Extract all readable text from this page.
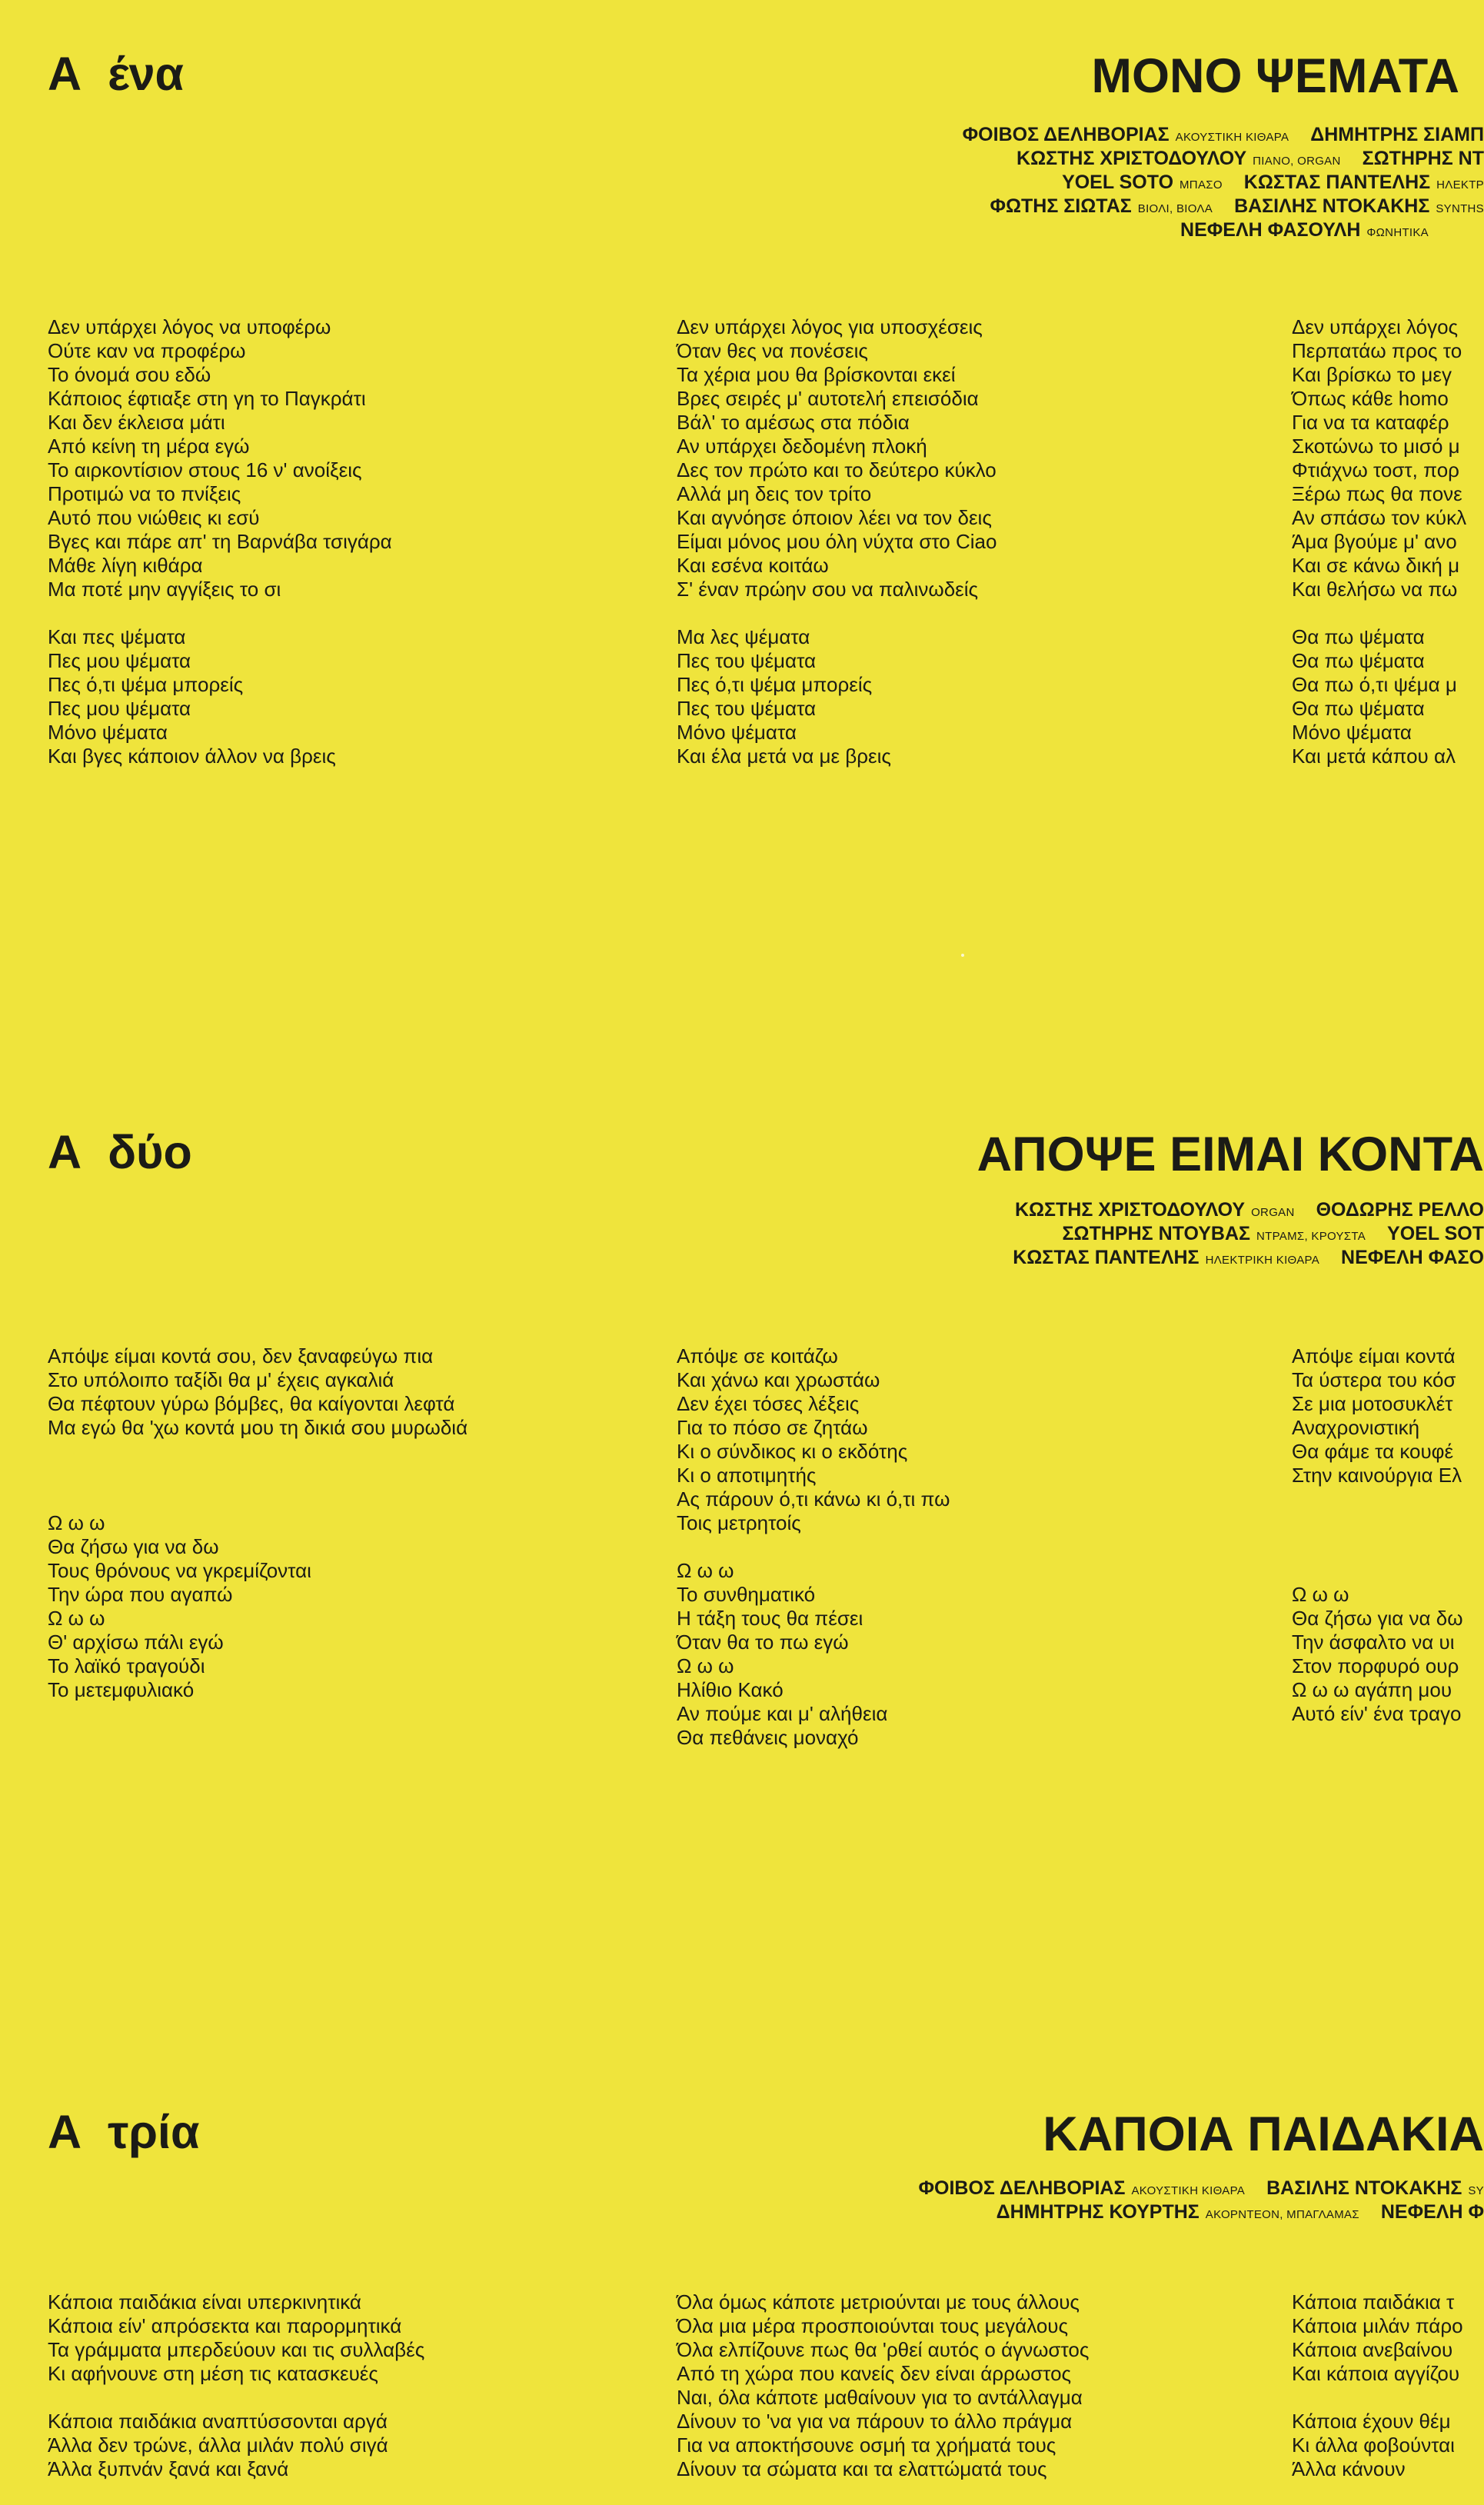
Α ένα	ΜΟΝΟ ΨΕΜΑΤΑ
ΦΟΙΒΟΣ ΔΕΛΗΒΟΡΙΑΣ ΑΚΟΥΣΤΙΚΗ ΚΙΘΑΡΑ ΔΗΜΗΤΡΗΣ ΣΙΑΜΠ
ΚΩΣΤΗΣ ΧΡΙΣΤΟΔΟΥΛΟΥ ΠΙΑΝΟ, ORGAN ΣΩΤΗΡΗΣ ΝΤ
YOEL SOTO ΜΠΑΣΟ ΚΩΣΤΑΣ ΠΑΝΤΕΛΗΣ ΗΛΕΚΤΡ
ΦΩΤΗΣ ΣΙΩΤΑΣ ΒΙΟΛΙ, ΒΙΟΛΑ ΒΑΣΙΛΗΣ ΝΤΟΚΑΚΗΣ SYNTHS
ΝΕΦΕΛΗ ΦΑΣΟΥΛΗ ΦΩΝΗΤΙΚΑ
Δεν υπάρχει λόγος να υποφέρω
Ούτε καν να προφέρω
Το όνομά σου εδώ
Κάποιος έφτιαξε στη γη το Παγκράτι
Και δεν έκλεισα μάτι
Από κείνη τη μέρα εγώ
Το αιρκοντίσιον στους 16 ν' ανοίξεις
Προτιμώ να το πνίξεις
Αυτό που νιώθεις κι εσύ
Βγες και πάρε απ' τη Βαρνάβα τσιγάρα
Μάθε λίγη κιθάρα
Μα ποτέ μην αγγίξεις το σι
Και πες ψέματα
Πες μου ψέματα
Πες ό,τι ψέμα μπορείς
Πες μου ψέματα
Μόνο ψέματα
Και βγες κάποιον άλλον να βρεις
Δεν υπάρχει λόγος για υποσχέσεις
Όταν θες να πονέσεις
Τα χέρια μου θα βρίσκονται εκεί
Βρες σειρές μ' αυτοτελή επεισόδια
Βάλ' το αμέσως στα πόδια
Αν υπάρχει δεδομένη πλοκή
Δες τον πρώτο και το δεύτερο κύκλο
Αλλά μη δεις τον τρίτο
Και αγνόησε όποιον λέει να τον δεις
Είμαι μόνος μου όλη νύχτα στο Ciao
Και εσένα κοιτάω
Σ' έναν πρώην σου να παλινωδείς
Μα λες ψέματα
Πες του ψέματα
Πες ό,τι ψέμα μπορείς
Πες του ψέματα
Μόνο ψέματα
Και έλα μετά να με βρεις
Δεν υπάρχει λόγος
Περπατάω προς το
Και βρίσκω το μεγ
Όπως κάθε homo
Για να τα καταφέρ
Σκοτώνω το μισό μ
Φτιάχνω τοστ, πορ
Ξέρω πως θα πονε
Αν σπάσω τον κύκλ
Άμα βγούμε μ' ανο
Και σε κάνω δική μ
Και θελήσω να πω
Θα πω ψέματα
Θα πω ψέματα
Θα πω ό,τι ψέμα μ
Θα πω ψέματα
Μόνο ψέματα
Και μετά κάπου αλ
Α δύο	ΑΠΟΨΕ ΕΙΜΑΙ ΚΟΝΤΑ
ΚΩΣΤΗΣ ΧΡΙΣΤΟΔΟΥΛΟΥ ORGAN ΘΟΔΩΡΗΣ ΡΕΛΛΟ
ΣΩΤΗΡΗΣ ΝΤΟΥΒΑΣ ΝΤΡΑΜΣ, ΚΡΟΥΣΤΑ YOEL SOT
ΚΩΣΤΑΣ ΠΑΝΤΕΛΗΣ ΗΛΕΚΤΡΙΚΗ ΚΙΘΑΡΑ ΝΕΦΕΛΗ ΦΑΣΟ
Απόψε είμαι κοντά σου, δεν ξαναφεύγω πια
Στο υπόλοιπο ταξίδι θα μ' έχεις αγκαλιά
Θα πέφτουν γύρω βόμβες, θα καίγονται λεφτά
Μα εγώ θα 'χω κοντά μου τη δικιά σου μυρωδιά
Ω ω ω
Θα ζήσω για να δω
Τους θρόνους να γκρεμίζονται
Την ώρα που αγαπώ
Ω ω ω
Θ' αρχίσω πάλι εγώ
Το λαϊκό τραγούδι
Το μετεμφυλιακό
Απόψε σε κοιτάζω
Και χάνω και χρωστάω
Δεν έχει τόσες λέξεις
Για το πόσο σε ζητάω
Κι ο σύνδικος κι ο εκδότης
Κι ο αποτιμητής
Ας πάρουν ό,τι κάνω κι ό,τι πω
Τοις μετρητοίς
Ω ω ω
Το συνθηματικό
Η τάξη τους θα πέσει
Όταν θα το πω εγώ
Ω ω ω
Ηλίθιο Κακό
Αν πούμε και μ' αλήθεια
Θα πεθάνεις μοναχό
Απόψε είμαι κοντά
Τα ύστερα του κόσ
Σε μια μοτοσυκλέτ
Αναχρονιστική
Θα φάμε τα κουφέ
Στην καινούργια Ελ
Ω ω ω
Θα ζήσω για να δω
Την άσφαλτο να υι
Στον πορφυρό ουρ
Ω ω ω αγάπη μου
Αυτό είν' ένα τραγο
Α τρία	ΚΑΠΟΙΑ ΠΑΙΔΑΚΙΑ
ΦΟΙΒΟΣ ΔΕΛΗΒΟΡΙΑΣ ΑΚΟΥΣΤΙΚΗ ΚΙΘΑΡΑ ΒΑΣΙΛΗΣ ΝΤΟΚΑΚΗΣ SY
ΔΗΜΗΤΡΗΣ ΚΟΥΡΤΗΣ ΑΚΟΡΝΤΕΟΝ, ΜΠΑΓΛΑΜΑΣ ΝΕΦΕΛΗ Φ
Κάποια παιδάκια είναι υπερκινητικά
Κάποια είν' απρόσεκτα και παρορμητικά
Τα γράμματα μπερδεύουν και τις συλλαβές
Κι αφήνουνε στη μέση τις κατασκευές
Κάποια παιδάκια αναπτύσσονται αργά
Άλλα δεν τρώνε, άλλα μιλάν πολύ σιγά
Άλλα ξυπνάν ξανά και ξανά
Όλα όμως κάποτε μετριούνται με τους άλλους
Όλα μια μέρα προσποιούνται τους μεγάλους
Όλα ελπίζουνε πως θα 'ρθεί αυτός ο άγνωστος
Από τη χώρα που κανείς δεν είναι άρρωστος
Ναι, όλα κάποτε μαθαίνουν για το αντάλλαγμα
Δίνουν το 'να για να πάρουν το άλλο πράγμα
Για να αποκτήσουνε οσμή τα χρήματά τους
Δίνουν τα σώματα και τα ελαττώματά τους
Κάποια παιδάκια τ
Κάποια μιλάν πάρο
Κάποια ανεβαίνου
Και κάποια αγγίζου
Κάποια έχουν θέμ
Κι άλλα φοβούνται
Άλλα κάνουν
